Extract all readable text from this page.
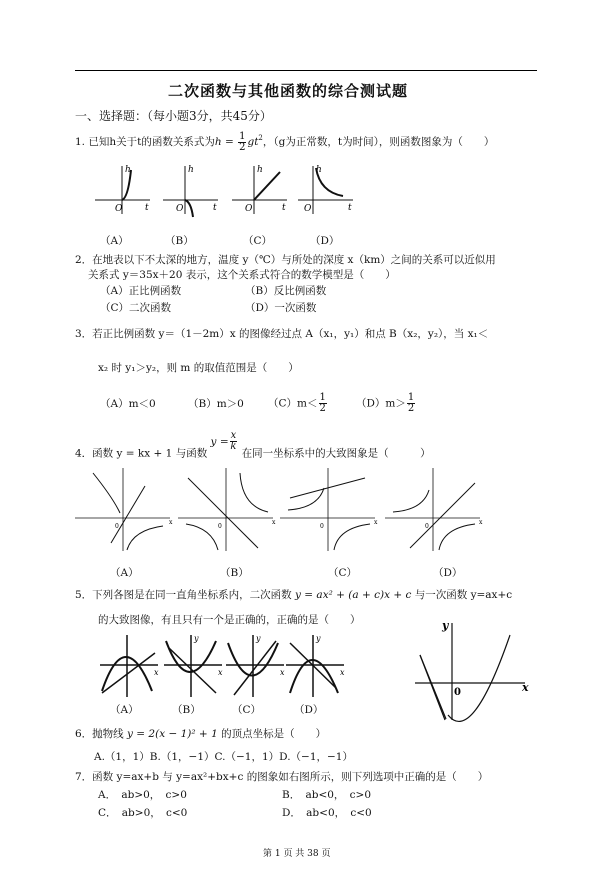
二次函数与其他函数的综合测试题
一、选择题：（每小题3分，共45分）
1. 已知h关于t的函数关系式为$h = \frac{1}{2} gt^2$，（g为正常数，t为时间），则函数图象为（　　）
h
O	t
h
O	t
h
O	t
h
O	t
（A）	（B）	（C）	（D）
2．在地表以下不太深的地方，温度 y（℃）与所处的深度 x（km）之间的关系可以近似用
关系式 y＝35x＋20 表示，这个关系式符合的数学模型是（　　）
（A）正比例函数	（B）反比例函数
（C）二次函数	（D）一次函数
3．若正比例函数 y＝（1－2m）x 的图像经过点 A（x₁，y₁）和点 B（x₂，y₂），当 x₁＜
x₂ 时 y₁＞y₂，则 m 的取值范围是（　　）
（A）m＜0	（B）m＞0 $(C)m< \frac{1}{2}$	$(D)m> \frac{1}{2}$
4．函数 y = kx + 1 与函数 $y = \frac{x}{k}$
在同一坐标系中的大致图象是（　　　）
0
x
0
x
0
x
0
x
（A）	（B）	（C）	（D）
5．下列各图是在同一直角坐标系内，二次函数 y = ax² + (a + c)x + c 与一次函数 y=ax+c
的大致图像，有且只有一个是正确的，正确的是（　　）
x
y
x
y
x
y
x
（A）	（B）	（C）	（D）
y
0	x
6．抛物线 y = 2(x − 1)² + 1 的顶点坐标是（　　）
A.（1，1）B.（1，−1）C.（−1，1）D.（−1，−1）
7．函数 y=ax+b 与 y=ax²+bx+c 的图象如右图所示，则下列选项中正确的是（　　）
A．　ab>0，　c>0	B．　ab<0，　c>0
C．　ab>0，　c<0	D．　ab<0，　c<0
第 1 页 共 38 页
